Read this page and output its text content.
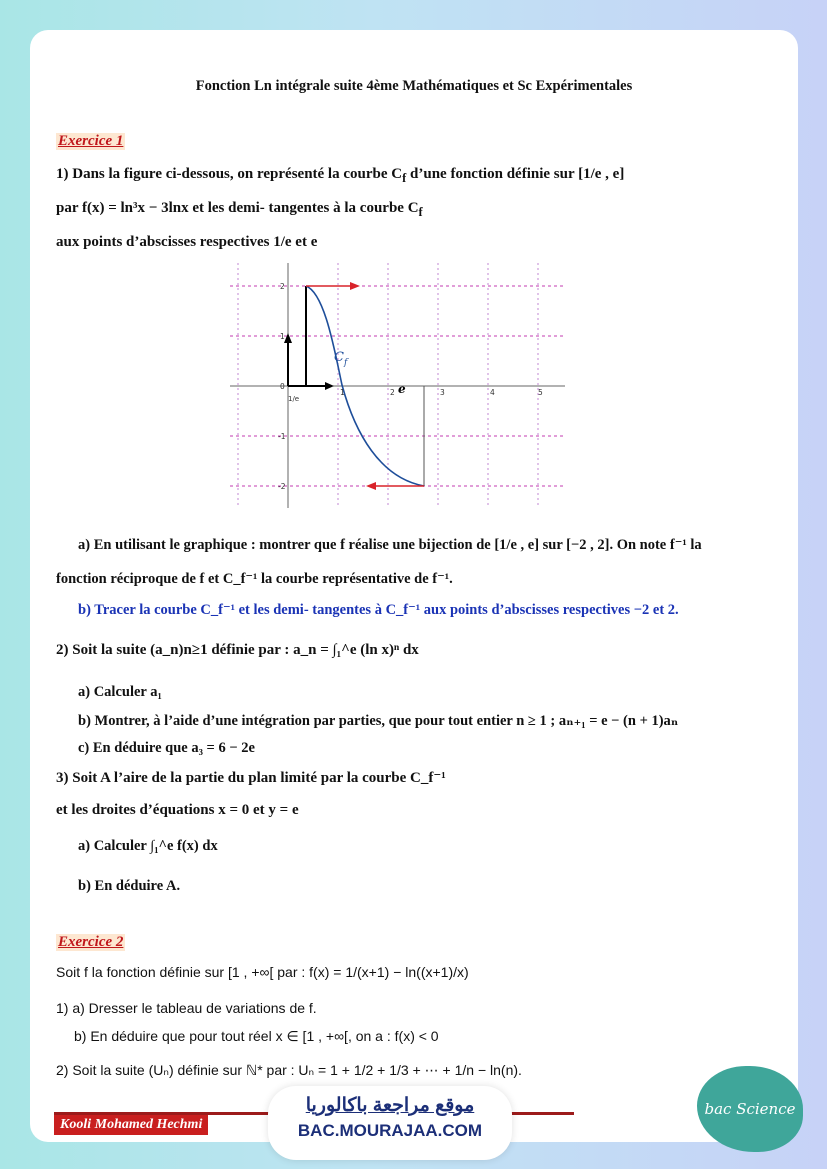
Fonction Ln intégrale suite 4ème Mathématiques et Sc Expérimentales
Exercice 1
1) Dans la figure ci-dessous, on représenté la courbe $C_f$ d’une fonction définie sur [1/e , e]
par f(x) = ln³x − 3lnx et les demi- tangentes à la courbe $C_f$
aux points d’abscisses respectives 1/e et e
2
1
0
-1
-2
1	2	3	4	5
1/e
e
$C_f$
a) En utilisant le graphique : montrer que f réalise une bijection de [1/e , e] sur [−2 , 2]. On note f⁻¹ la
fonction réciproque de f et C_f⁻¹ la courbe représentative de f⁻¹.
b) Tracer la courbe C_f⁻¹ et les demi- tangentes à C_f⁻¹ aux points d’abscisses respectives −2 et 2.
2) Soit la suite (a_n)n≥1 définie par : a_n = ∫₁^e (ln x)ⁿ dx
a) Calculer a₁
b) Montrer, à l’aide d’une intégration par parties, que pour tout entier n ≥ 1 ; aₙ₊₁ = e − (n + 1)aₙ
c) En déduire que a₃ = 6 − 2e
3) Soit A l’aire de la partie du plan limité par la courbe C_f⁻¹
et les droites d’équations x = 0 et y = e
a) Calculer ∫₁^e f(x) dx
b) En déduire A.
Exercice 2
Soit f la fonction définie sur [1 , +∞[ par : f(x) = 1/(x+1) − ln((x+1)/x)
1) a) Dresser le tableau de variations de f.
b) En déduire que pour tout réel x ∈ [1 , +∞[, on a : f(x) < 0
2) Soit la suite (Uₙ) définie sur ℕ* par : Uₙ = 1 + 1/2 + 1/3 + ⋯ + 1/n − ln(n).
Kooli Mohamed Hechmi
موقع مراجعة باكالوريا
BAC.MOURAJAA.COM
bac Science
